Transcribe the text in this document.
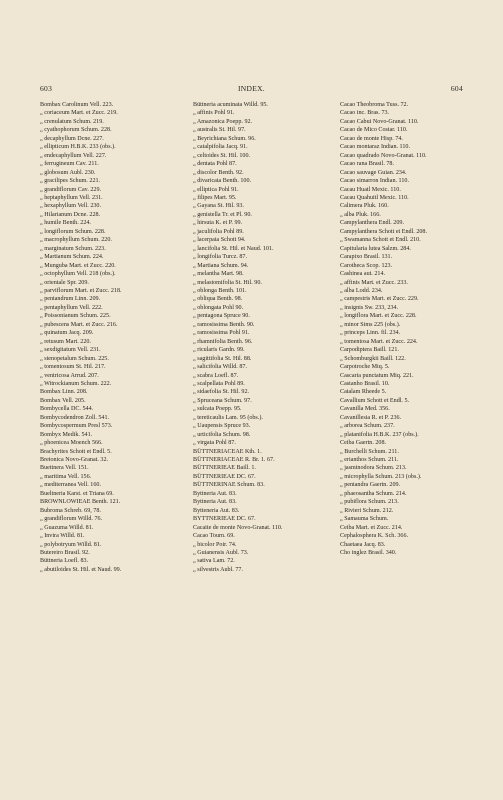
603	INDEX.	604
Bombax Carolinum Vell. 223.
„ coriaceum Mart. et Zucc. 219.
„ crenulatum Schum. 219.
„ cyathophorum Schum. 228.
„ decaphyllum Dcne. 227.
„ ellipticum H.B.K. 233 (obs.).
„ endecaphyllum Vell. 227.
„ ferrugineum Cav. 211.
„ globosum Aubl. 230.
„ gracilipes Schum. 221.
„ grandiflorum Cav. 229.
„ heptaphyllum Vell. 231.
„ hexaphyllum Vell. 230.
„ Hilarianum Dcne. 228.
„ humile Benth. 224.
„ longiflorum Schum. 228.
„ macrophyllum Schum. 220.
„ marginatum Schum. 223.
„ Martianum Schum. 224.
„ Munguba Mart. et Zucc. 220.
„ octophyllum Vell. 218 (obs.).
„ orientale Spr. 209.
„ parviflorum Mart. et Zucc. 218.
„ pentandrum Linn. 209.
„ pentaphyllum Vell. 222.
„ Poissonianum Schum. 225.
„ pubescens Mart. et Zucc. 216.
„ quinatum Jacq. 209.
„ retusum Mart. 220.
„ sexdigitatum Vell. 231.
„ stenopetalum Schum. 225.
„ tomentosum St. Hil. 217.
„ ventricosa Arrud. 207.
„ Witrockianum Schum. 222.
Bombax Linn. 208.
Bombax Vell. 205.
Bombycella DC. 544.
Bombycodendron Zoll. 541.
Bombycospermum Presl 573.
Bombyx Medik. 541.
„ phoenicea Moench 566.
Brachyrites Schott et Endl. 5.
Bretonica Novo-Granat. 32.
Buettnera Vell. 151.
„ maritima Vell. 156.
„ mediterranea Vell. 160.
Bueltneria Karst. et Triana 69.
BROWNLOWIEAE Benth. 121.
Bubroma Schreb. 69, 78.
„ grandiflorum Willd. 76.
„ Guazuma Willd. 81.
„ Invira Willd. 81.
„ polybotryum Willd. 81.
Butereiro Brasil. 92.
Büttneria Loefl. 83.
„ abutiloides St. Hil. et Naud. 99.
Büttneria acuminata Willd. 95.
„ affinis Pohl 91.
„ Amazonica Poepp. 92.
„ australis St. Hil. 97.
„ Beyrichiana Schum. 96.
„ catalpifolia Jacq. 91.
„ celtoides St. Hil. 100.
„ dentata Pohl 87.
„ discolor Benth. 92.
„ divaricata Benth. 100.
„ elliptica Pohl 91.
„ filipes Mart. 95.
„ Gayana St. Hil. 93.
„ genistella Tr. et Pl. 90.
„ hirsuta K. et P. 99.
„ jaculifolia Pohl 89.
„ lacerpata Schott 94.
„ lancifolia St. Hil. et Naud. 101.
„ longifolia Turcz. 87.
„ Martiana Schum. 94.
„ melantha Mart. 98.
„ melastomifolia St. Hil. 90.
„ oblonga Benth. 101.
„ obliqua Benth. 98.
„ oblongata Pohl 90.
„ pentagona Spruce 90.
„ ramosissima Benth. 90.
„ ramosissima Pohl 91.
„ rhamnifolia Benth. 96.
„ ricularis Gardn. 99.
„ sagittifolia St. Hil. 88.
„ salicifolia Willd. 87.
„ scabra Loefl. 87.
„ scalpellata Pohl 89.
„ sidaefolia St. Hil. 92.
„ Spruceana Schum. 97.
„ sulcata Poepp. 95.
„ tereticaulis Lam. 95 (obs.).
„ Uaupensis Spruce 93.
„ urticifolia Schum. 98.
„ virgata Pohl 87.
BÜTTNERIACEAE Kth. 1.
BÜTTNERIACEAE R. Br. 1. 67.
BÜTTNERIEAE Baill. 1.
BÜTTNERIEAE DC. 67.
BÜTTNERINAE Schum. 83.
Byttneria Aut. 83.
Byttneria Aut. 83.
Bytteneria Aut. 83.
BYTTNERIEAE DC. 67.
Cacaite de monte Novo-Granat. 110.
Cacao Tourn. 69.
„ bicolor Poir. 74.
„ Guianensis Aubl. 73.
„ sativa Lam. 72.
„ silvestris Aubl. 77.
Cacao Theobroma Tuss. 72.
Cacao inc. Bras. 73.
Cacao Cabui Novo-Granat. 110.
Cacao de Mico Costar. 110.
Cacao de monte Hisp. 74.
Cacao montaraz Indian. 110.
Cacao quadrado Novo-Granat. 110.
Cacao rana Brasil. 78.
Cacao sauvage Guian. 234.
Cacao simarron Indian. 110.
Cacau Huatl Mexic. 110.
Cacau Quahuitl Mexic. 110.
Calimera Pluk. 160.
„ alba Pluk. 166.
Campylanthera Endl. 209.
Campylanthera Schott et Endl. 208.
„ Swamanna Schott et Endl. 210.
Capitularia lutea Salzm. 284.
Carapixo Brasil. 131.
Carotheca Scop. 123.
Cashinea aut. 214.
„ affinis Mart. et Zucc. 233.
„ alba Lodd. 234.
„ campestris Mart. et Zucc. 229.
„ insignis Sw. 233, 234.
„ longiflora Mart. et Zucc. 228.
„ minor Sims 225 (obs.).
„ princeps Linn. fil. 234.
„ tomentosa Mart. et Zucc. 224.
Carpodiptera Baill. 121.
„ Schomburgkii Baill. 122.
Carpotroche Miq. 5.
Cascaria punctatum Miq. 221.
Castanho Brasil. 10.
Catalam Rheede 5.
Cavallium Schott et Endl. 5.
Cavanilla Med. 356.
Cavanillesia R. et P. 236.
„ arborea Schum. 237.
„ platanifolia H.B.K. 237 (obs.).
Ceiba Gaertn. 208.
„ Burchelli Schum. 211.
„ erianthos Schum. 211.
„ jasminodora Schum. 213.
„ microphylla Schum. 213 (obs.).
„ pentandra Gaertn. 209.
„ phaeosantha Schum. 214.
„ pubiflora Schum. 213.
„ Rivieri Schum. 212.
„ Samauma Schum.
Ceiba Mart. et Zucc. 214.
Cephalosphera K. Sch. 366.
Chaetaea Jacq. 83.
Cho inglez Brasil. 340.
